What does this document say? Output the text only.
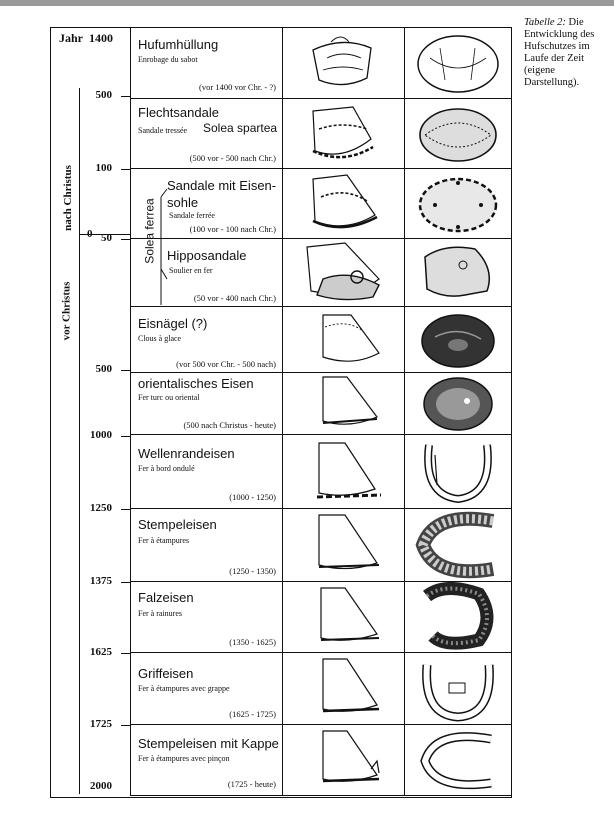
Jahr 1400
nach Christus
vor Christus
0
500
100
50
500
1000
1250
1375
1625
1725
2000
Hufumhüllung
Enrobage du sabot
(vor 1400 vor Chr. - ?)
Flechtsandale
Sandale tressée Solea spartea
(500 vor - 500 nach Chr.)
Sandale mit Eisen-sohle
Sandale ferrée
(100 vor - 100 nach Chr.)
Hipposandale
Soulier en fer
(50 vor - 400 nach Chr.)
Eisnägel (?)
Clous à glace
(vor 500 vor Chr. - 500 nach)
orientalisches Eisen
Fer turc ou oriental
(500 nach Christus - heute)
Wellenrandeisen
Fer à bord ondulé
(1000 - 1250)
Stempeleisen
Fer à étampures
(1250 - 1350)
Falzeisen
Fer à rainures
(1350 - 1625)
Griffeisen
Fer à étampures avec grappe
(1625 - 1725)
Stempeleisen mit Kappe
Fer à étampures avec pinçon
(1725 - heute)
Solea ferrea
Tabelle 2: Die Entwicklung des Hufschutzes im Laufe der Zeit (eigene Darstellung).
